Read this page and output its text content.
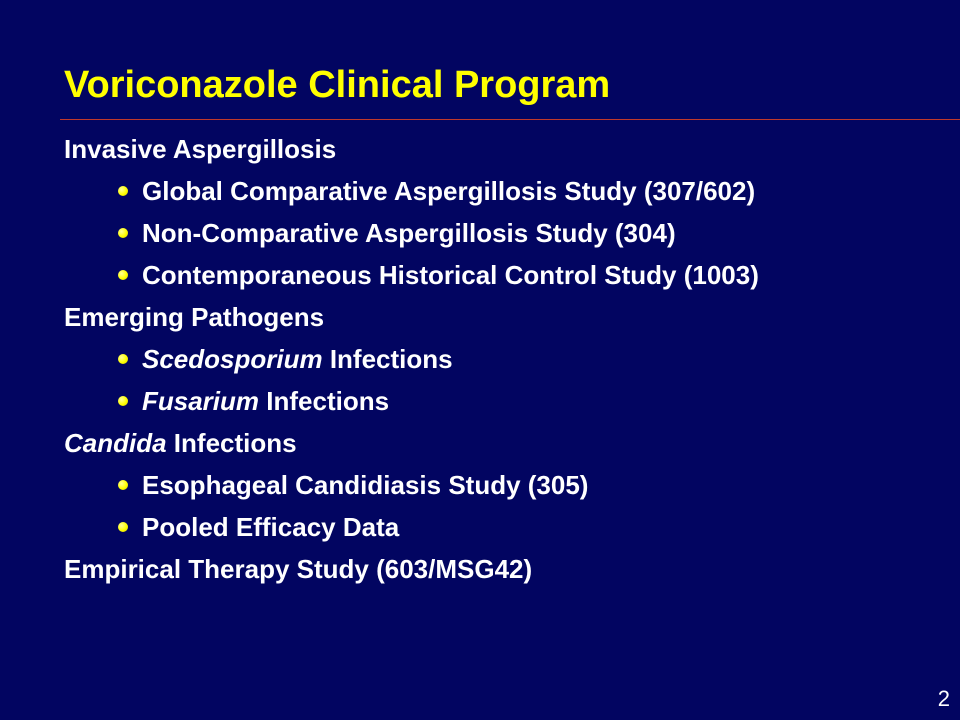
Voriconazole Clinical Program
Invasive Aspergillosis
Global Comparative Aspergillosis Study (307/602)
Non-Comparative Aspergillosis Study (304)
Contemporaneous Historical Control Study (1003)
Emerging Pathogens
Scedosporium Infections
Fusarium Infections
Candida Infections
Esophageal Candidiasis Study (305)
Pooled Efficacy Data
Empirical Therapy Study (603/MSG42)
2
